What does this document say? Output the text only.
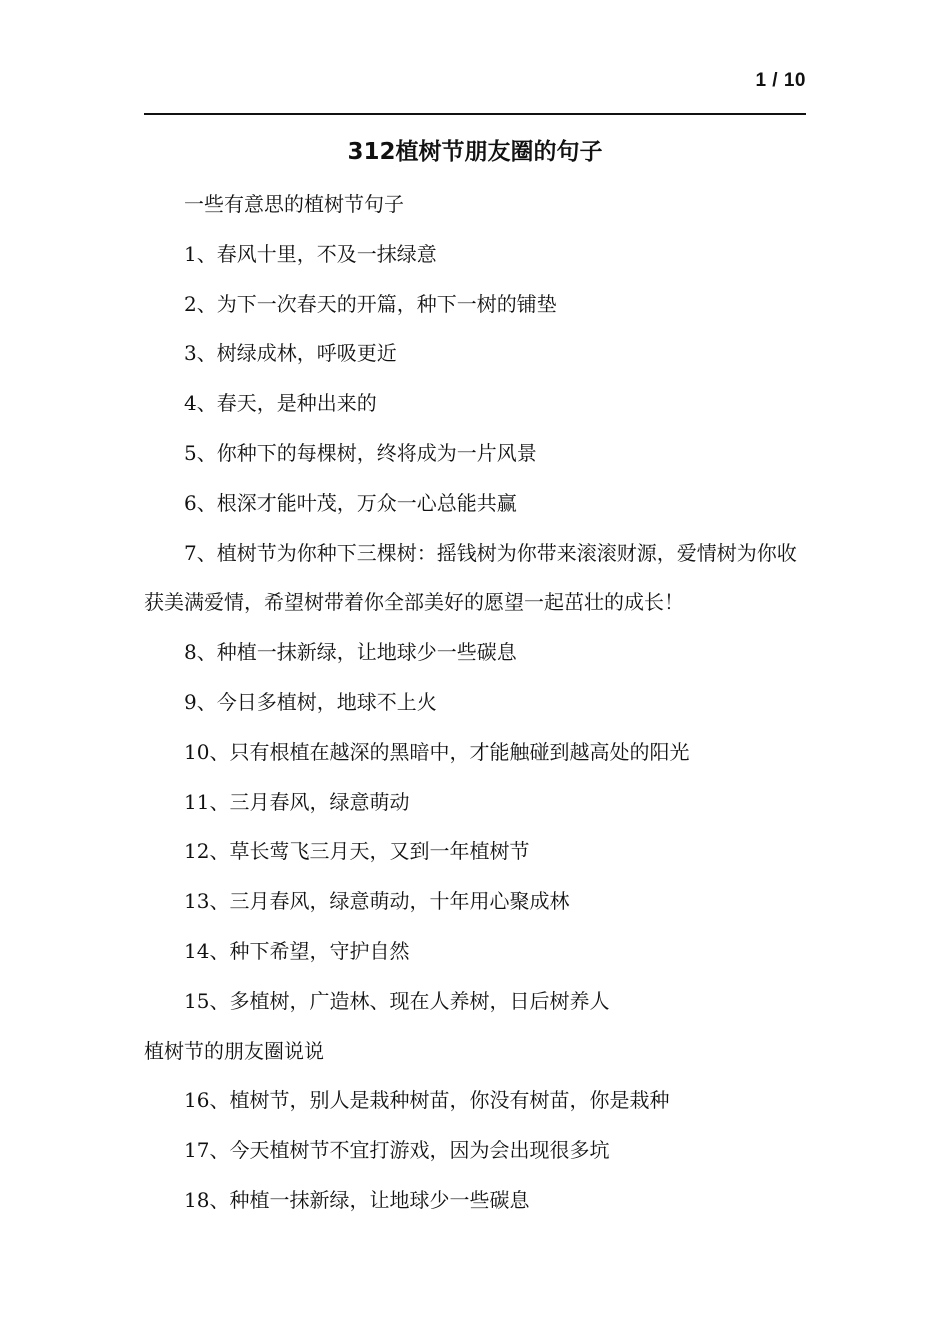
1 / 10
312植树节朋友圈的句子

一些有意思的植树节句子

1、春风十里，不及一抹绿意

2、为下一次春天的开篇，种下一树的铺垫

3、树绿成林，呼吸更近

4、春天，是种出来的

5、你种下的每棵树，终将成为一片风景

6、根深才能叶茂，万众一心总能共赢

7、植树节为你种下三棵树：摇钱树为你带来滚滚财源，爱情树为你收获美满爱情，希望树带着你全部美好的愿望一起茁壮的成长！

8、种植一抹新绿，让地球少一些碳息

9、今日多植树，地球不上火

10、只有根植在越深的黑暗中，才能触碰到越高处的阳光

11、三月春风，绿意萌动

12、草长莺飞三月天，又到一年植树节

13、三月春风，绿意萌动，十年用心聚成林

14、种下希望，守护自然

15、多植树，广造林、现在人养树，日后树养人

植树节的朋友圈说说

16、植树节，别人是栽种树苗，你没有树苗，你是栽种

17、今天植树节不宜打游戏，因为会出现很多坑

18、种植一抹新绿，让地球少一些碳息
